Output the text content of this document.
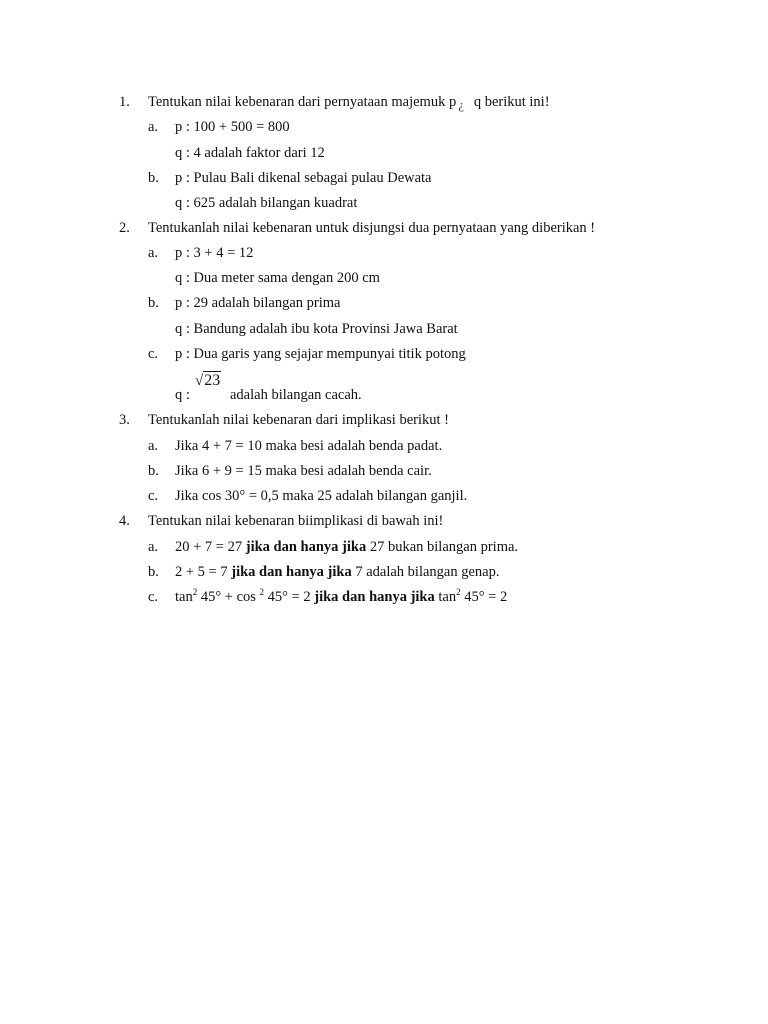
1. Tentukan nilai kebenaran dari pernyataan majemuk p ¿ q berikut ini!
a. p : 100 + 500 = 800
q : 4 adalah faktor dari 12
b. p : Pulau Bali dikenal sebagai pulau Dewata
q : 625 adalah bilangan kuadrat
2. Tentukanlah nilai kebenaran untuk disjungsi dua pernyataan yang diberikan !
a. p : 3 + 4 = 12
q : Dua meter sama dengan 200 cm
b. p : 29 adalah bilangan prima
q : Bandung adalah ibu kota Provinsi Jawa Barat
c. p : Dua garis yang sejajar mempunyai titik potong
√23
q :	adalah bilangan cacah.
3. Tentukanlah nilai kebenaran dari implikasi berikut !
a. Jika 4 + 7 = 10 maka besi adalah benda padat.
b. Jika 6 + 9 = 15 maka besi adalah benda cair.
c. Jika cos 30° = 0,5 maka 25 adalah bilangan ganjil.
4. Tentukan nilai kebenaran biimplikasi di bawah ini!
a. 20 + 7 = 27 jika dan hanya jika 27 bukan bilangan prima.
b. 2 + 5 = 7 jika dan hanya jika 7 adalah bilangan genap.
c. $\tan^2 45^\circ + \cos ^2$ 45° = 2 jika dan hanya jika $\tan^2 45^\circ = 2$
